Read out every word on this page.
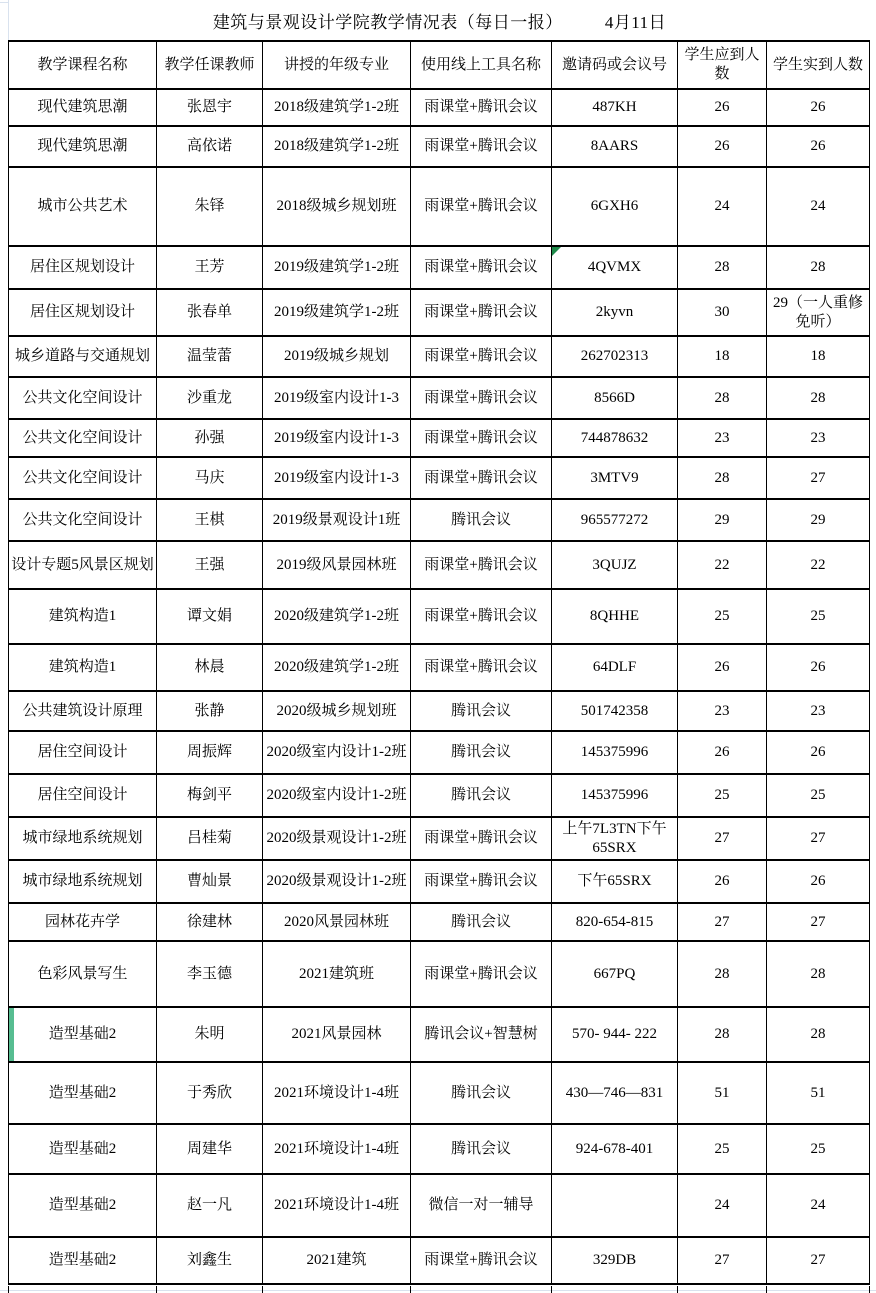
建筑与景观设计学院教学情况表（每日一报） 4月11日
教学课程名称	教学任课教师	讲授的年级专业	使用线上工具名称	邀请码或会议号	学生应到人数	学生实到人数
现代建筑思潮	张恩宇	2018级建筑学1-2班	雨课堂+腾讯会议	487KH	26	26
现代建筑思潮	高依诺	2018级建筑学1-2班	雨课堂+腾讯会议	8AARS	26	26
城市公共艺术	朱铎	2018级城乡规划班	雨课堂+腾讯会议	6GXH6	24	24
居住区规划设计	王芳	2019级建筑学1-2班	雨课堂+腾讯会议	4QVMX	28	28
居住区规划设计	张春单	2019级建筑学1-2班	雨课堂+腾讯会议	2kyvn	30	29（一人重修免听）
城乡道路与交通规划	温莹蕾	2019级城乡规划	雨课堂+腾讯会议	262702313	18	18
公共文化空间设计	沙重龙	2019级室内设计1-3	雨课堂+腾讯会议	8566D	28	28
公共文化空间设计	孙强	2019级室内设计1-3	雨课堂+腾讯会议	744878632	23	23
公共文化空间设计	马庆	2019级室内设计1-3	雨课堂+腾讯会议	3MTV9	28	27
公共文化空间设计	王棋	2019级景观设计1班	腾讯会议	965577272	29	29
设计专题5风景区规划	王强	2019级风景园林班	雨课堂+腾讯会议	3QUJZ	22	22
建筑构造1	谭文娟	2020级建筑学1-2班	雨课堂+腾讯会议	8QHHE	25	25
建筑构造1	林晨	2020级建筑学1-2班	雨课堂+腾讯会议	64DLF	26	26
公共建筑设计原理	张静	2020级城乡规划班	腾讯会议	501742358	23	23
居住空间设计	周振辉	2020级室内设计1-2班	腾讯会议	145375996	26	26
居住空间设计	梅剑平	2020级室内设计1-2班	腾讯会议	145375996	25	25
城市绿地系统规划	吕桂菊	2020级景观设计1-2班	雨课堂+腾讯会议	上午7L3TN下午65SRX	27	27
城市绿地系统规划	曹灿景	2020级景观设计1-2班	雨课堂+腾讯会议	下午65SRX	26	26
园林花卉学	徐建林	2020风景园林班	腾讯会议	820-654-815	27	27
色彩风景写生	李玉德	2021建筑班	雨课堂+腾讯会议	667PQ	28	28
造型基础2	朱明	2021风景园林	腾讯会议+智慧树	570- 944- 222	28	28
造型基础2	于秀欣	2021环境设计1-4班	腾讯会议	430—746—831	51	51
造型基础2	周建华	2021环境设计1-4班	腾讯会议	924-678-401	25	25
造型基础2	赵一凡	2021环境设计1-4班	微信一对一辅导		24	24
造型基础2	刘鑫生	2021建筑	雨课堂+腾讯会议	329DB	27	27
